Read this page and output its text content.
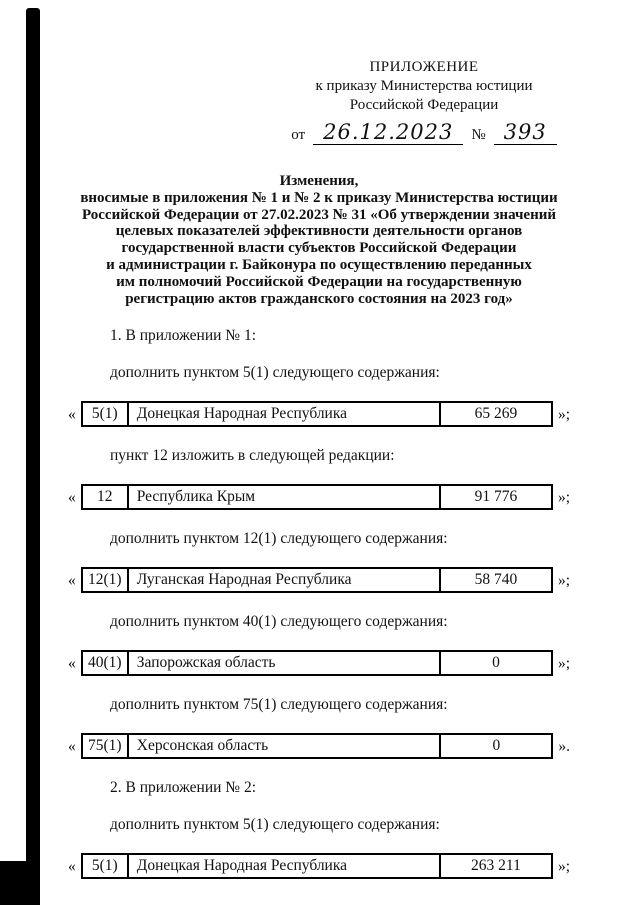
ПРИЛОЖЕНИЕ
к приказу Министерства юстиции
Российской Федерации
от 26.12.2023	№ 393
Изменения,
вносимые в приложения № 1 и № 2 к приказу Министерства юстиции
Российской Федерации от 27.02.2023 № 31 «Об утверждении значений
целевых показателей эффективности деятельности органов
государственной власти субъектов Российской Федерации
и администрации г. Байконура по осуществлению переданных
им полномочий Российской Федерации на государственную
регистрацию актов гражданского состояния на 2023 год»
1. В приложении № 1:
дополнить пунктом 5(1) следующего содержания:
«	5(1)	Донецкая Народная Республика	65 269	»;
пункт 12 изложить в следующей редакции:
«	12	Республика Крым	91 776	»;
дополнить пунктом 12(1) следующего содержания:
« 12(1) Луганская Народная Республика	58 740	»;
дополнить пунктом 40(1) следующего содержания:
« 40(1) Запорожская область	0	»;
дополнить пунктом 75(1) следующего содержания:
« 75(1) Херсонская область	0	».
2. В приложении № 2:
дополнить пунктом 5(1) следующего содержания:
«	5(1)	Донецкая Народная Республика	263 211	»;
